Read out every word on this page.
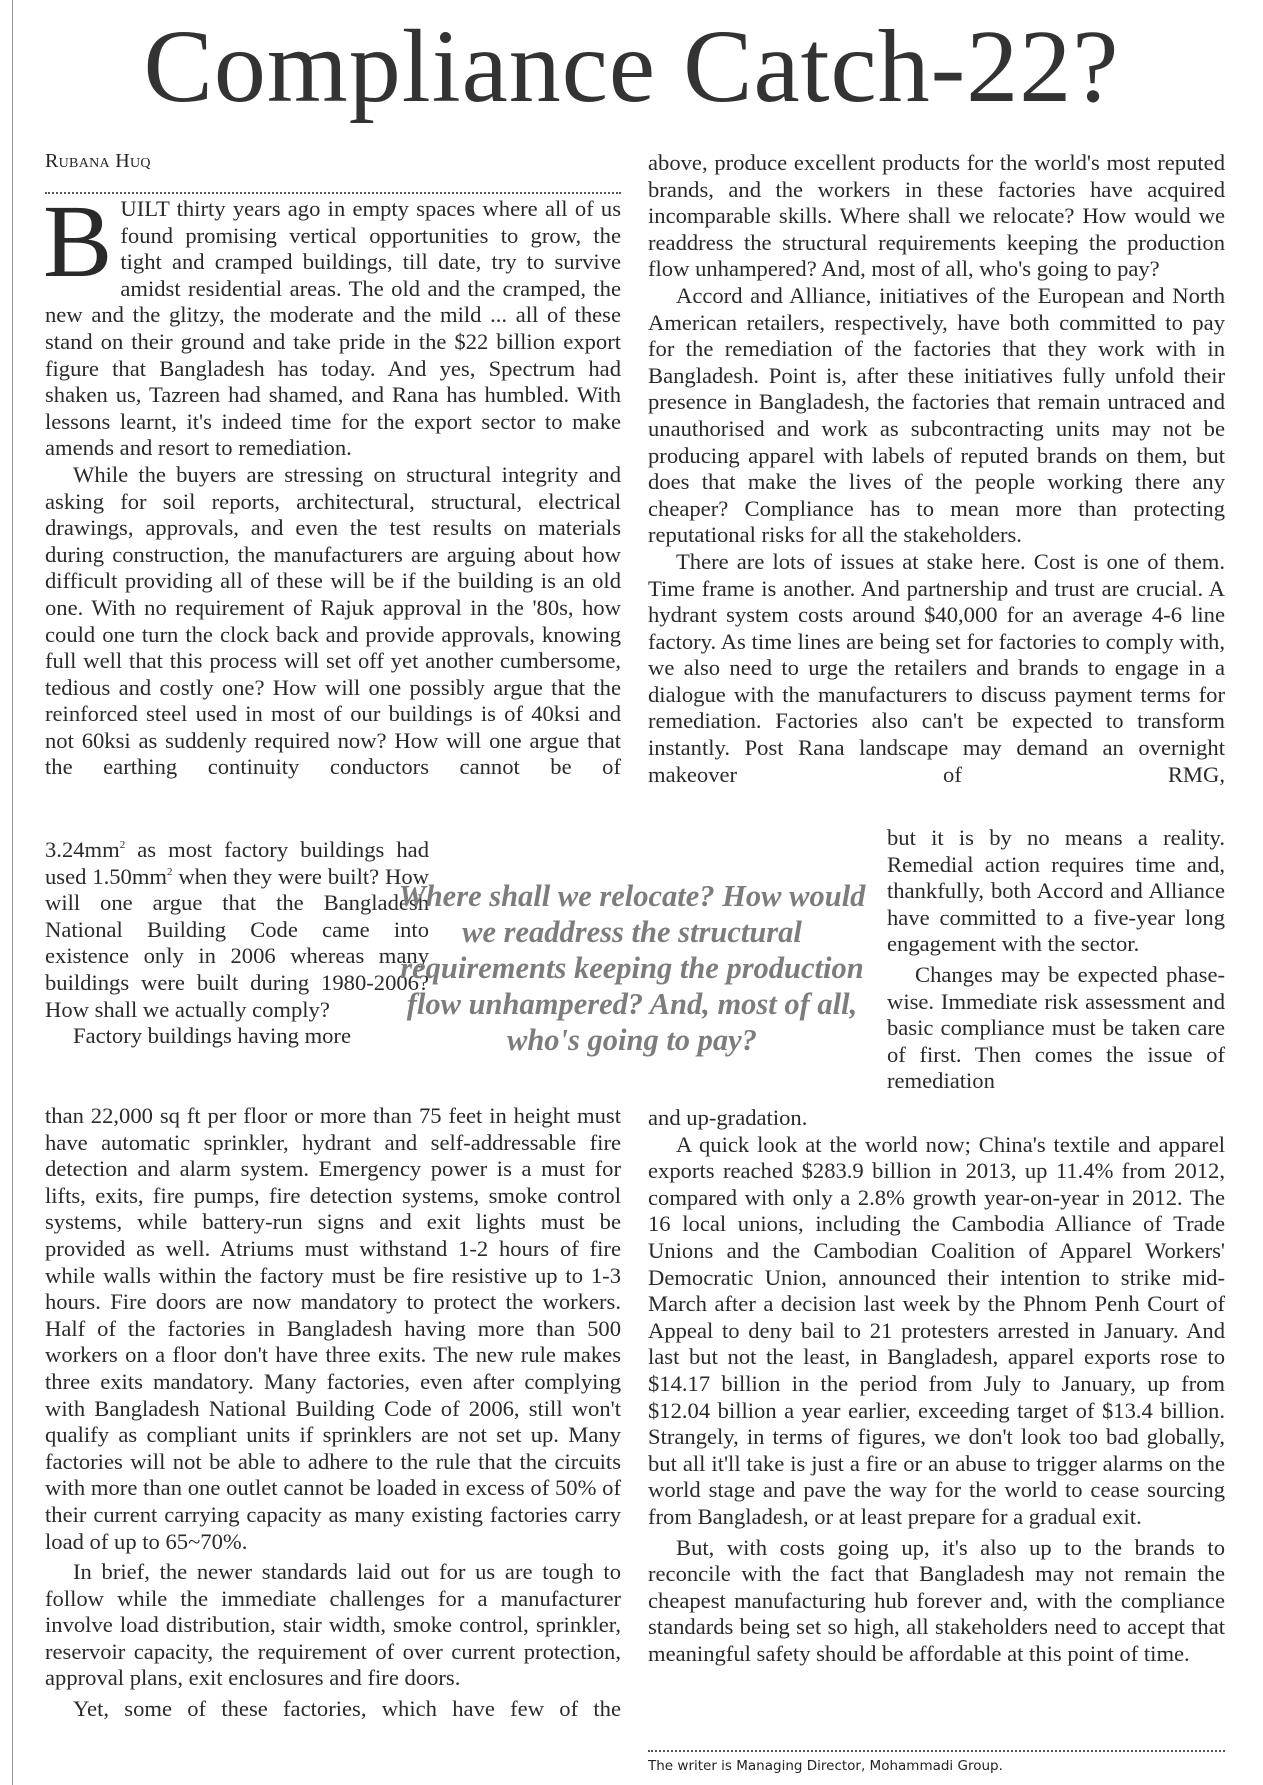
Compliance Catch-22?
Rubana Huq

BUILT thirty years ago in empty spaces where all of us found promising vertical opportunities to grow, the tight and cramped buildings, till date, try to survive amidst residential areas. The old and the cramped, the new and the glitzy, the moderate and the mild ... all of these stand on their ground and take pride in the $22 billion export figure that Bangladesh has today. And yes, Spectrum had shaken us, Tazreen had shamed, and Rana has humbled. With lessons learnt, it's indeed time for the export sector to make amends and resort to remediation.

While the buyers are stressing on structural integrity and asking for soil reports, architectural, structural, electrical drawings, approvals, and even the test results on materials during construction, the manufacturers are arguing about how difficult providing all of these will be if the building is an old one. With no requirement of Rajuk approval in the '80s, how could one turn the clock back and provide approvals, knowing full well that this process will set off yet another cumbersome, tedious and costly one? How will one possibly argue that the reinforced steel used in most of our buildings is of 40ksi and not 60ksi as suddenly required now? How will one argue that the earthing continuity conductors cannot be of

$3.24mm^2$ as most factory buildings had used $1.50mm^2$ when they were built? How will one argue that the Bangladesh National Building Code came into existence only in 2006 whereas many buildings were built during 1980-2006? How shall we actually comply?

Factory buildings having more

than 22,000 sq ft per floor or more than 75 feet in height must have automatic sprinkler, hydrant and self-addressable fire detection and alarm system. Emergency power is a must for lifts, exits, fire pumps, fire detection systems, smoke control systems, while battery-run signs and exit lights must be provided as well. Atriums must withstand 1-2 hours of fire while walls within the factory must be fire resistive up to 1-3 hours. Fire doors are now mandatory to protect the workers. Half of the factories in Bangladesh having more than 500 workers on a floor don't have three exits. The new rule makes three exits mandatory. Many factories, even after complying with Bangladesh National Building Code of 2006, still won't qualify as compliant units if sprinklers are not set up. Many factories will not be able to adhere to the rule that the circuits with more than one outlet cannot be loaded in excess of 50% of their current carrying capacity as many existing factories carry load of up to 65~70%.

In brief, the newer standards laid out for us are tough to follow while the immediate challenges for a manufacturer involve load distribution, stair width, smoke control, sprinkler, reservoir capacity, the requirement of over current protection, approval plans, exit enclosures and fire doors.

Yet, some of these factories, which have few of the

Where shall we relocate? How would we readdress the structural requirements keeping the production flow unhampered? And, most of all, who's going to pay?

above, produce excellent products for the world's most reputed brands, and the workers in these factories have acquired incomparable skills. Where shall we relocate? How would we readdress the structural requirements keeping the production flow unhampered? And, most of all, who's going to pay?

Accord and Alliance, initiatives of the European and North American retailers, respectively, have both committed to pay for the remediation of the factories that they work with in Bangladesh. Point is, after these initiatives fully unfold their presence in Bangladesh, the factories that remain untraced and unauthorised and work as subcontracting units may not be producing apparel with labels of reputed brands on them, but does that make the lives of the people working there any cheaper? Compliance has to mean more than protecting reputational risks for all the stakeholders.

There are lots of issues at stake here. Cost is one of them. Time frame is another. And partnership and trust are crucial. A hydrant system costs around $40,000 for an average 4-6 line factory. As time lines are being set for factories to comply with, we also need to urge the retailers and brands to engage in a dialogue with the manufacturers to discuss payment terms for remediation. Factories also can't be expected to transform instantly. Post Rana landscape may demand an overnight makeover of RMG,

but it is by no means a reality. Remedial action requires time and, thankfully, both Accord and Alliance have committed to a five-year long engagement with the sector.

Changes may be expected phase-wise. Immediate risk assessment and basic compliance must be taken care of first. Then comes the issue of remediation

and up-gradation.

A quick look at the world now; China's textile and apparel exports reached $283.9 billion in 2013, up 11.4% from 2012, compared with only a 2.8% growth year-on-year in 2012. The 16 local unions, including the Cambodia Alliance of Trade Unions and the Cambodian Coalition of Apparel Workers' Democratic Union, announced their intention to strike mid-March after a decision last week by the Phnom Penh Court of Appeal to deny bail to 21 protesters arrested in January. And last but not the least, in Bangladesh, apparel exports rose to $14.17 billion in the period from July to January, up from $12.04 billion a year earlier, exceeding target of $13.4 billion. Strangely, in terms of figures, we don't look too bad globally, but all it'll take is just a fire or an abuse to trigger alarms on the world stage and pave the way for the world to cease sourcing from Bangladesh, or at least prepare for a gradual exit.

But, with costs going up, it's also up to the brands to reconcile with the fact that Bangladesh may not remain the cheapest manufacturing hub forever and, with the compliance standards being set so high, all stakeholders need to accept that meaningful safety should be affordable at this point of time.

The writer is Managing Director, Mohammadi Group.
